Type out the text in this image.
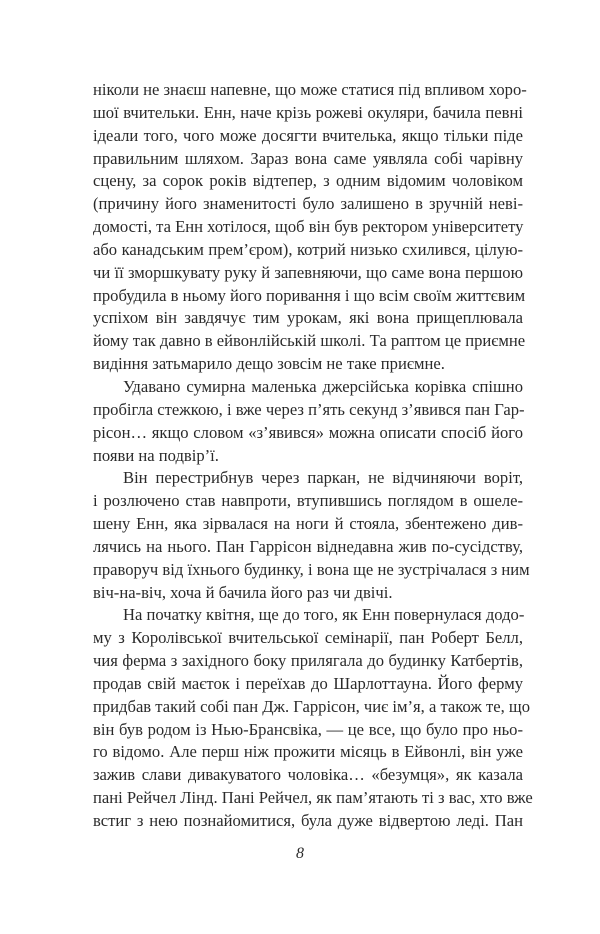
ніколи не знаєш напевне, що може статися під впливом хоро-
шої вчительки. Енн, наче крізь рожеві окуляри, бачила певні
ідеали того, чого може досягти вчителька, якщо тільки піде
правильним шляхом. Зараз вона саме уявляла собі чарівну
сцену, за сорок років відтепер, з одним відомим чоловіком
(причину його знаменитості було залишено в зручній неві-
домості, та Енн хотілося, щоб він був ректором університету
або канадським прем’єром), котрий низько схилився, цілую-
чи її зморшкувату руку й запевняючи, що саме вона першою
пробудила в ньому його поривання і що всім своїм життєвим
успіхом він завдячує тим урокам, які вона прищеплювала
йому так давно в ейвонлійській школі. Та раптом це приємне
видіння затьмарило дещо зовсім не таке приємне.
Удавано сумирна маленька джерсійська корівка спішно
пробігла стежкою, і вже через п’ять секунд з’явився пан Гар-
рісон… якщо словом «з’явився» можна описати спосіб його
появи на подвір’ї.
Він перестрибнув через паркан, не відчиняючи воріт,
і розлючено став навпроти, втупившись поглядом в ошеле-
шену Енн, яка зірвалася на ноги й стояла, збентежено див-
лячись на нього. Пан Гаррісон віднедавна жив по-сусідству,
праворуч від їхнього будинку, і вона ще не зустрічалася з ним
віч-на-віч, хоча й бачила його раз чи двічі.
На початку квітня, ще до того, як Енн повернулася додо-
му з Королівської вчительської семінарії, пан Роберт Белл,
чия ферма з західного боку прилягала до будинку Катбертів,
продав свій маєток і переїхав до Шарлоттауна. Його ферму
придбав такий собі пан Дж. Гаррісон, чиє ім’я, а також те, що
він був родом із Нью-Брансвіка, — це все, що було про ньо-
го відомо. Але перш ніж прожити місяць в Ейвонлі, він уже
зажив слави дивакуватого чоловіка… «безумця», як казала
пані Рейчел Лінд. Пані Рейчел, як пам’ятають ті з вас, хто вже
встиг з нею познайомитися, була дуже відвертою леді. Пан
8
